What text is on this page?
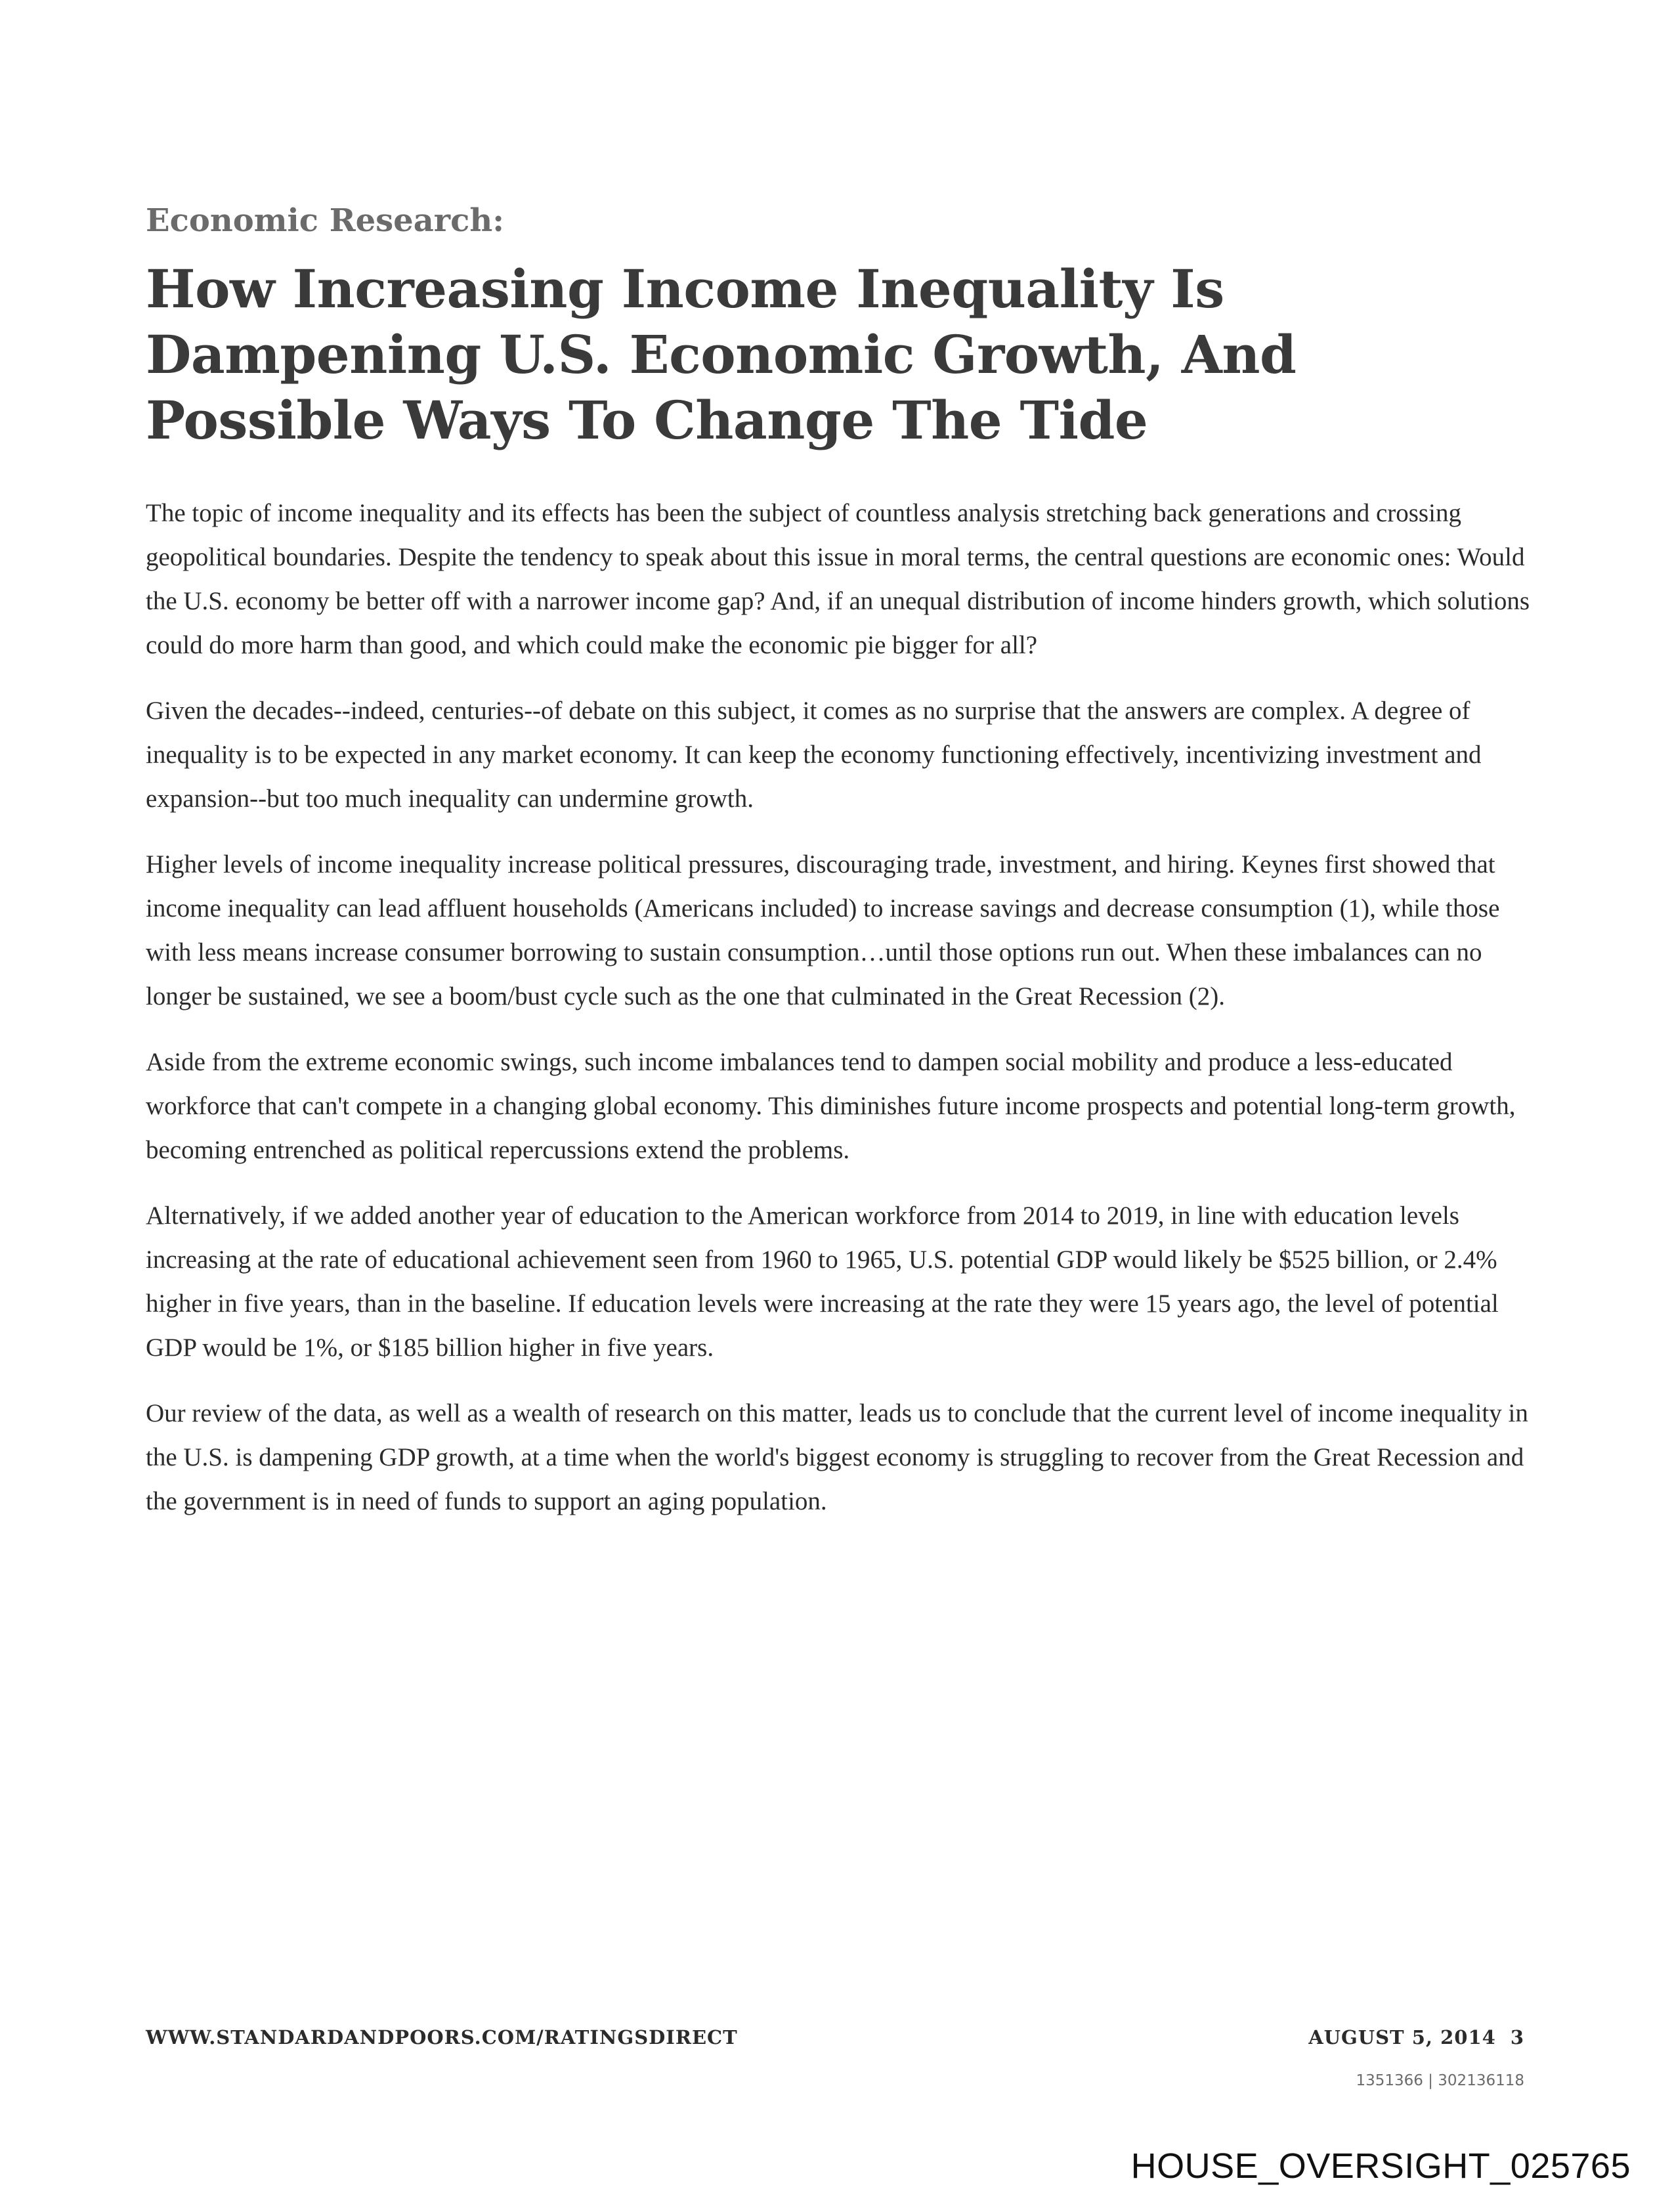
Economic Research:
How Increasing Income Inequality Is Dampening U.S. Economic Growth, And Possible Ways To Change The Tide

The topic of income inequality and its effects has been the subject of countless analysis stretching back generations and crossing geopolitical boundaries. Despite the tendency to speak about this issue in moral terms, the central questions are economic ones: Would the U.S. economy be better off with a narrower income gap? And, if an unequal distribution of income hinders growth, which solutions could do more harm than good, and which could make the economic pie bigger for all?

Given the decades--indeed, centuries--of debate on this subject, it comes as no surprise that the answers are complex. A degree of inequality is to be expected in any market economy. It can keep the economy functioning effectively, incentivizing investment and expansion--but too much inequality can undermine growth.

Higher levels of income inequality increase political pressures, discouraging trade, investment, and hiring. Keynes first showed that income inequality can lead affluent households (Americans included) to increase savings and decrease consumption (1), while those with less means increase consumer borrowing to sustain consumption…until those options run out. When these imbalances can no longer be sustained, we see a boom/bust cycle such as the one that culminated in the Great Recession (2).

Aside from the extreme economic swings, such income imbalances tend to dampen social mobility and produce a less-educated workforce that can't compete in a changing global economy. This diminishes future income prospects and potential long-term growth, becoming entrenched as political repercussions extend the problems.

Alternatively, if we added another year of education to the American workforce from 2014 to 2019, in line with education levels increasing at the rate of educational achievement seen from 1960 to 1965, U.S. potential GDP would likely be $525 billion, or 2.4% higher in five years, than in the baseline. If education levels were increasing at the rate they were 15 years ago, the level of potential GDP would be 1%, or $185 billion higher in five years.

Our review of the data, as well as a wealth of research on this matter, leads us to conclude that the current level of income inequality in the U.S. is dampening GDP growth, at a time when the world's biggest economy is struggling to recover from the Great Recession and the government is in need of funds to support an aging population.

WWW.STANDARDANDPOORS.COM/RATINGSDIRECT	AUGUST 5, 2014 3
1351366 | 302136118
HOUSE_OVERSIGHT_025765
